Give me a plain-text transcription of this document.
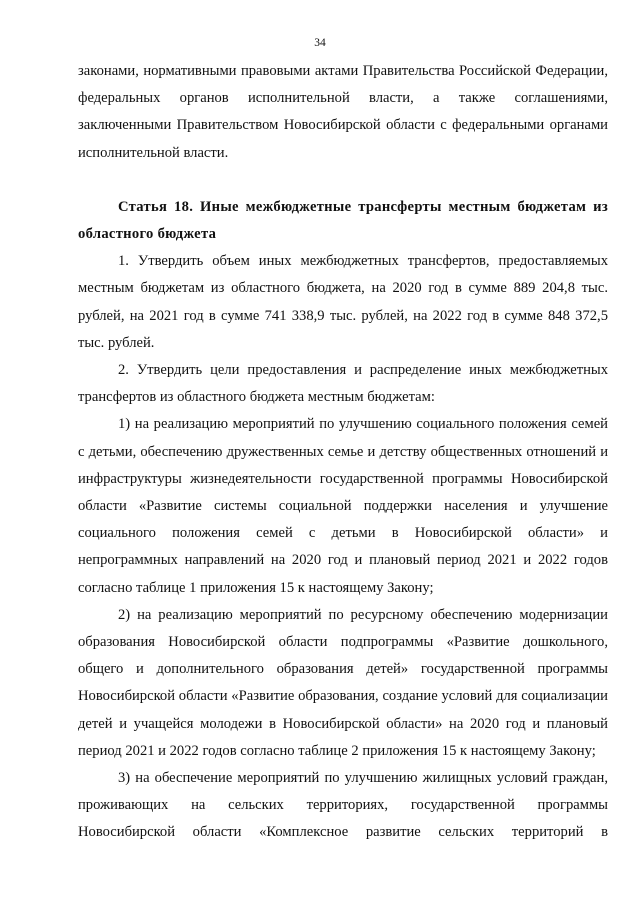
34

законами, нормативными правовыми актами Правительства Российской Федерации, федеральных органов исполнительной власти, а также соглашениями, заключенными Правительством Новосибирской области с федеральными органами исполнительной власти.

Статья 18. Иные межбюджетные трансферты местным бюджетам из областного бюджета

1. Утвердить объем иных межбюджетных трансфертов, предоставляемых местным бюджетам из областного бюджета, на 2020 год в сумме 889 204,8 тыс. рублей, на 2021 год в сумме 741 338,9 тыс. рублей, на 2022 год в сумме 848 372,5 тыс. рублей.

2. Утвердить цели предоставления и распределение иных межбюджетных трансфертов из областного бюджета местным бюджетам:

1) на реализацию мероприятий по улучшению социального положения семей с детьми, обеспечению дружественных семье и детству общественных отношений и инфраструктуры жизнедеятельности государственной программы Новосибирской области «Развитие системы социальной поддержки населения и улучшение социального положения семей с детьми в Новосибирской области» и непрограммных направлений на 2020 год и плановый период 2021 и 2022 годов согласно таблице 1 приложения 15 к настоящему Закону;

2) на реализацию мероприятий по ресурсному обеспечению модернизации образования Новосибирской области подпрограммы «Развитие дошкольного, общего и дополнительного образования детей» государственной программы Новосибирской области «Развитие образования, создание условий для социализации детей и учащейся молодежи в Новосибирской области» на 2020 год и плановый период 2021 и 2022 годов согласно таблице 2 приложения 15 к настоящему Закону;

3) на обеспечение мероприятий по улучшению жилищных условий граждан, проживающих на сельских территориях, государственной программы Новосибирской области «Комплексное развитие сельских территорий в
